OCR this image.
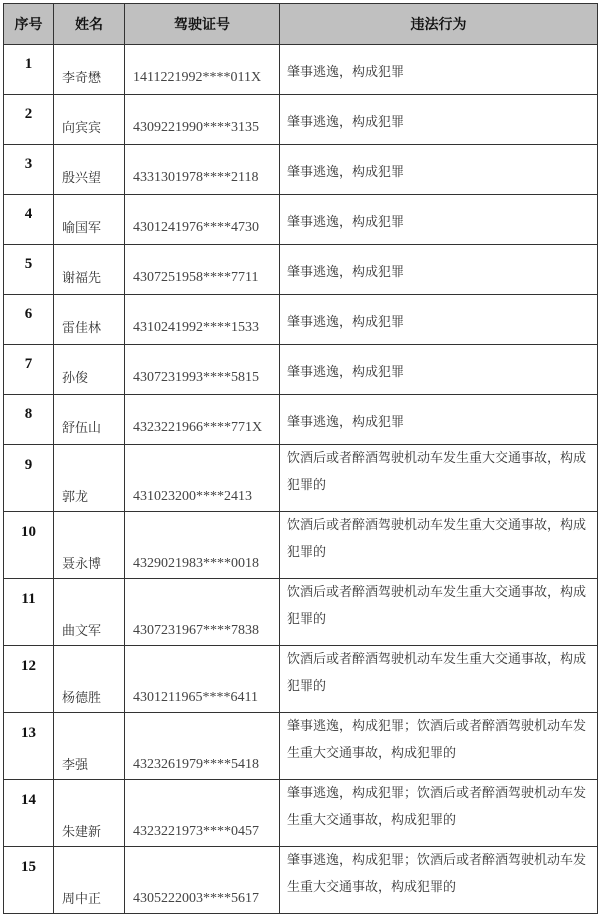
序号	姓名	驾驶证号	违法行为
1	李奇懋	1411221992****011X	肇事逃逸，构成犯罪
2	向宾宾	4309221990****3135	肇事逃逸，构成犯罪
3	殷兴望	4331301978****2118	肇事逃逸，构成犯罪
4	喻国军	4301241976****4730	肇事逃逸，构成犯罪
5	谢福先	4307251958****7711	肇事逃逸，构成犯罪
6	雷佳林	4310241992****1533	肇事逃逸，构成犯罪
7	孙俊	4307231993****5815	肇事逃逸，构成犯罪
8	舒伍山	4323221966****771X	肇事逃逸，构成犯罪
9	郭龙	431023200****2413	饮酒后或者醉酒驾驶机动车发生重大交通事故，构成犯罪的
10	聂永博	4329021983****0018	饮酒后或者醉酒驾驶机动车发生重大交通事故，构成犯罪的
11	曲文军	4307231967****7838	饮酒后或者醉酒驾驶机动车发生重大交通事故，构成犯罪的
12	杨德胜	4301211965****6411	饮酒后或者醉酒驾驶机动车发生重大交通事故，构成犯罪的
13	李强	4323261979****5418	肇事逃逸，构成犯罪；饮酒后或者醉酒驾驶机动车发生重大交通事故，构成犯罪的
14	朱建新	4323221973****0457	肇事逃逸，构成犯罪；饮酒后或者醉酒驾驶机动车发生重大交通事故，构成犯罪的
15	周中正	4305222003****5617	肇事逃逸，构成犯罪；饮酒后或者醉酒驾驶机动车发生重大交通事故，构成犯罪的
